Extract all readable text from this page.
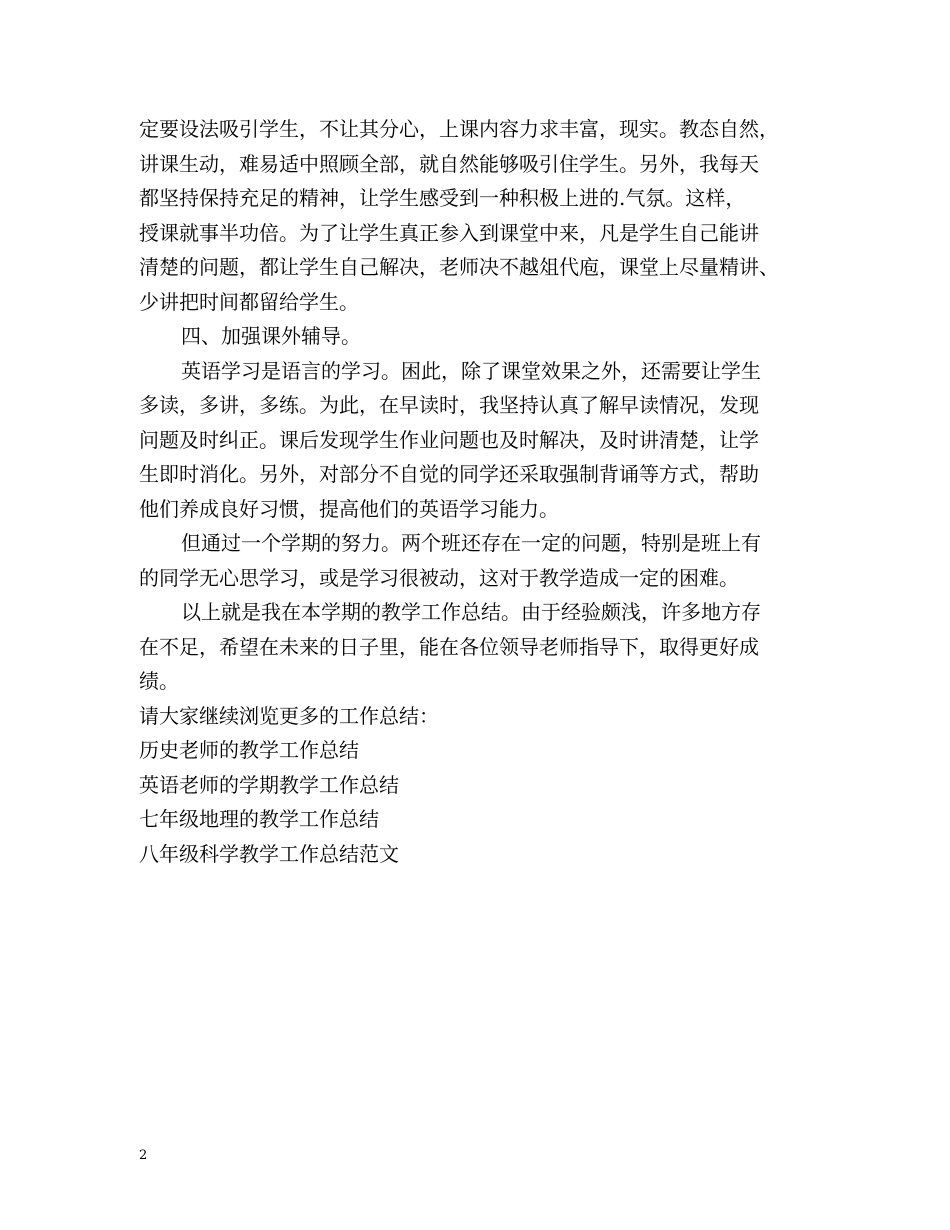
定要设法吸引学生，不让其分心，上课内容力求丰富，现实。教态自然，
讲课生动，难易适中照顾全部，就自然能够吸引住学生。另外，我每天
都坚持保持充足的精神，让学生感受到一种积极上进的.气氛。这样，
授课就事半功倍。为了让学生真正参入到课堂中来，凡是学生自己能讲
清楚的问题，都让学生自己解决，老师决不越俎代庖，课堂上尽量精讲、
少讲把时间都留给学生。
四、加强课外辅导。
英语学习是语言的学习。困此，除了课堂效果之外，还需要让学生
多读，多讲，多练。为此，在早读时，我坚持认真了解早读情况，发现
问题及时纠正。课后发现学生作业问题也及时解决，及时讲清楚，让学
生即时消化。另外，对部分不自觉的同学还采取强制背诵等方式，帮助
他们养成良好习惯，提高他们的英语学习能力。
但通过一个学期的努力。两个班还存在一定的问题，特别是班上有
的同学无心思学习，或是学习很被动，这对于教学造成一定的困难。
以上就是我在本学期的教学工作总结。由于经验颇浅，许多地方存
在不足，希望在未来的日子里，能在各位领导老师指导下，取得更好成
绩。
请大家继续浏览更多的工作总结：
历史老师的教学工作总结
英语老师的学期教学工作总结
七年级地理的教学工作总结
八年级科学教学工作总结范文
2
